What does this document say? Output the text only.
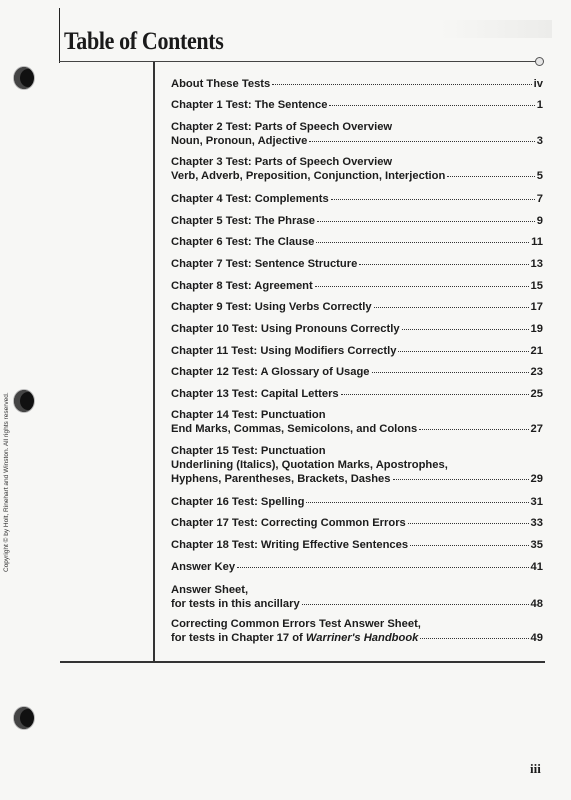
Table of Contents
Copyright © by Holt, Rinehart and Winston. All rights reserved.
About These Tests	iv
Chapter 1 Test: The Sentence	1
Chapter 2 Test: Parts of Speech Overview
Noun, Pronoun, Adjective	3
Chapter 3 Test: Parts of Speech Overview
Verb, Adverb, Preposition, Conjunction, Interjection	5
Chapter 4 Test: Complements	7
Chapter 5 Test: The Phrase	9
Chapter 6 Test: The Clause	11
Chapter 7 Test: Sentence Structure	13
Chapter 8 Test: Agreement	15
Chapter 9 Test: Using Verbs Correctly	17
Chapter 10 Test: Using Pronouns Correctly	19
Chapter 11 Test: Using Modifiers Correctly	21
Chapter 12 Test: A Glossary of Usage	23
Chapter 13 Test: Capital Letters	25
Chapter 14 Test: Punctuation
End Marks, Commas, Semicolons, and Colons	27
Chapter 15 Test: Punctuation
Underlining (Italics), Quotation Marks, Apostrophes,
Hyphens, Parentheses, Brackets, Dashes	29
Chapter 16 Test: Spelling	31
Chapter 17 Test: Correcting Common Errors	33
Chapter 18 Test: Writing Effective Sentences	35
Answer Key	41
Answer Sheet,
for tests in this ancillary	48
Correcting Common Errors Test Answer Sheet,
for tests in Chapter 17 of Warriner's Handbook	49
iii
